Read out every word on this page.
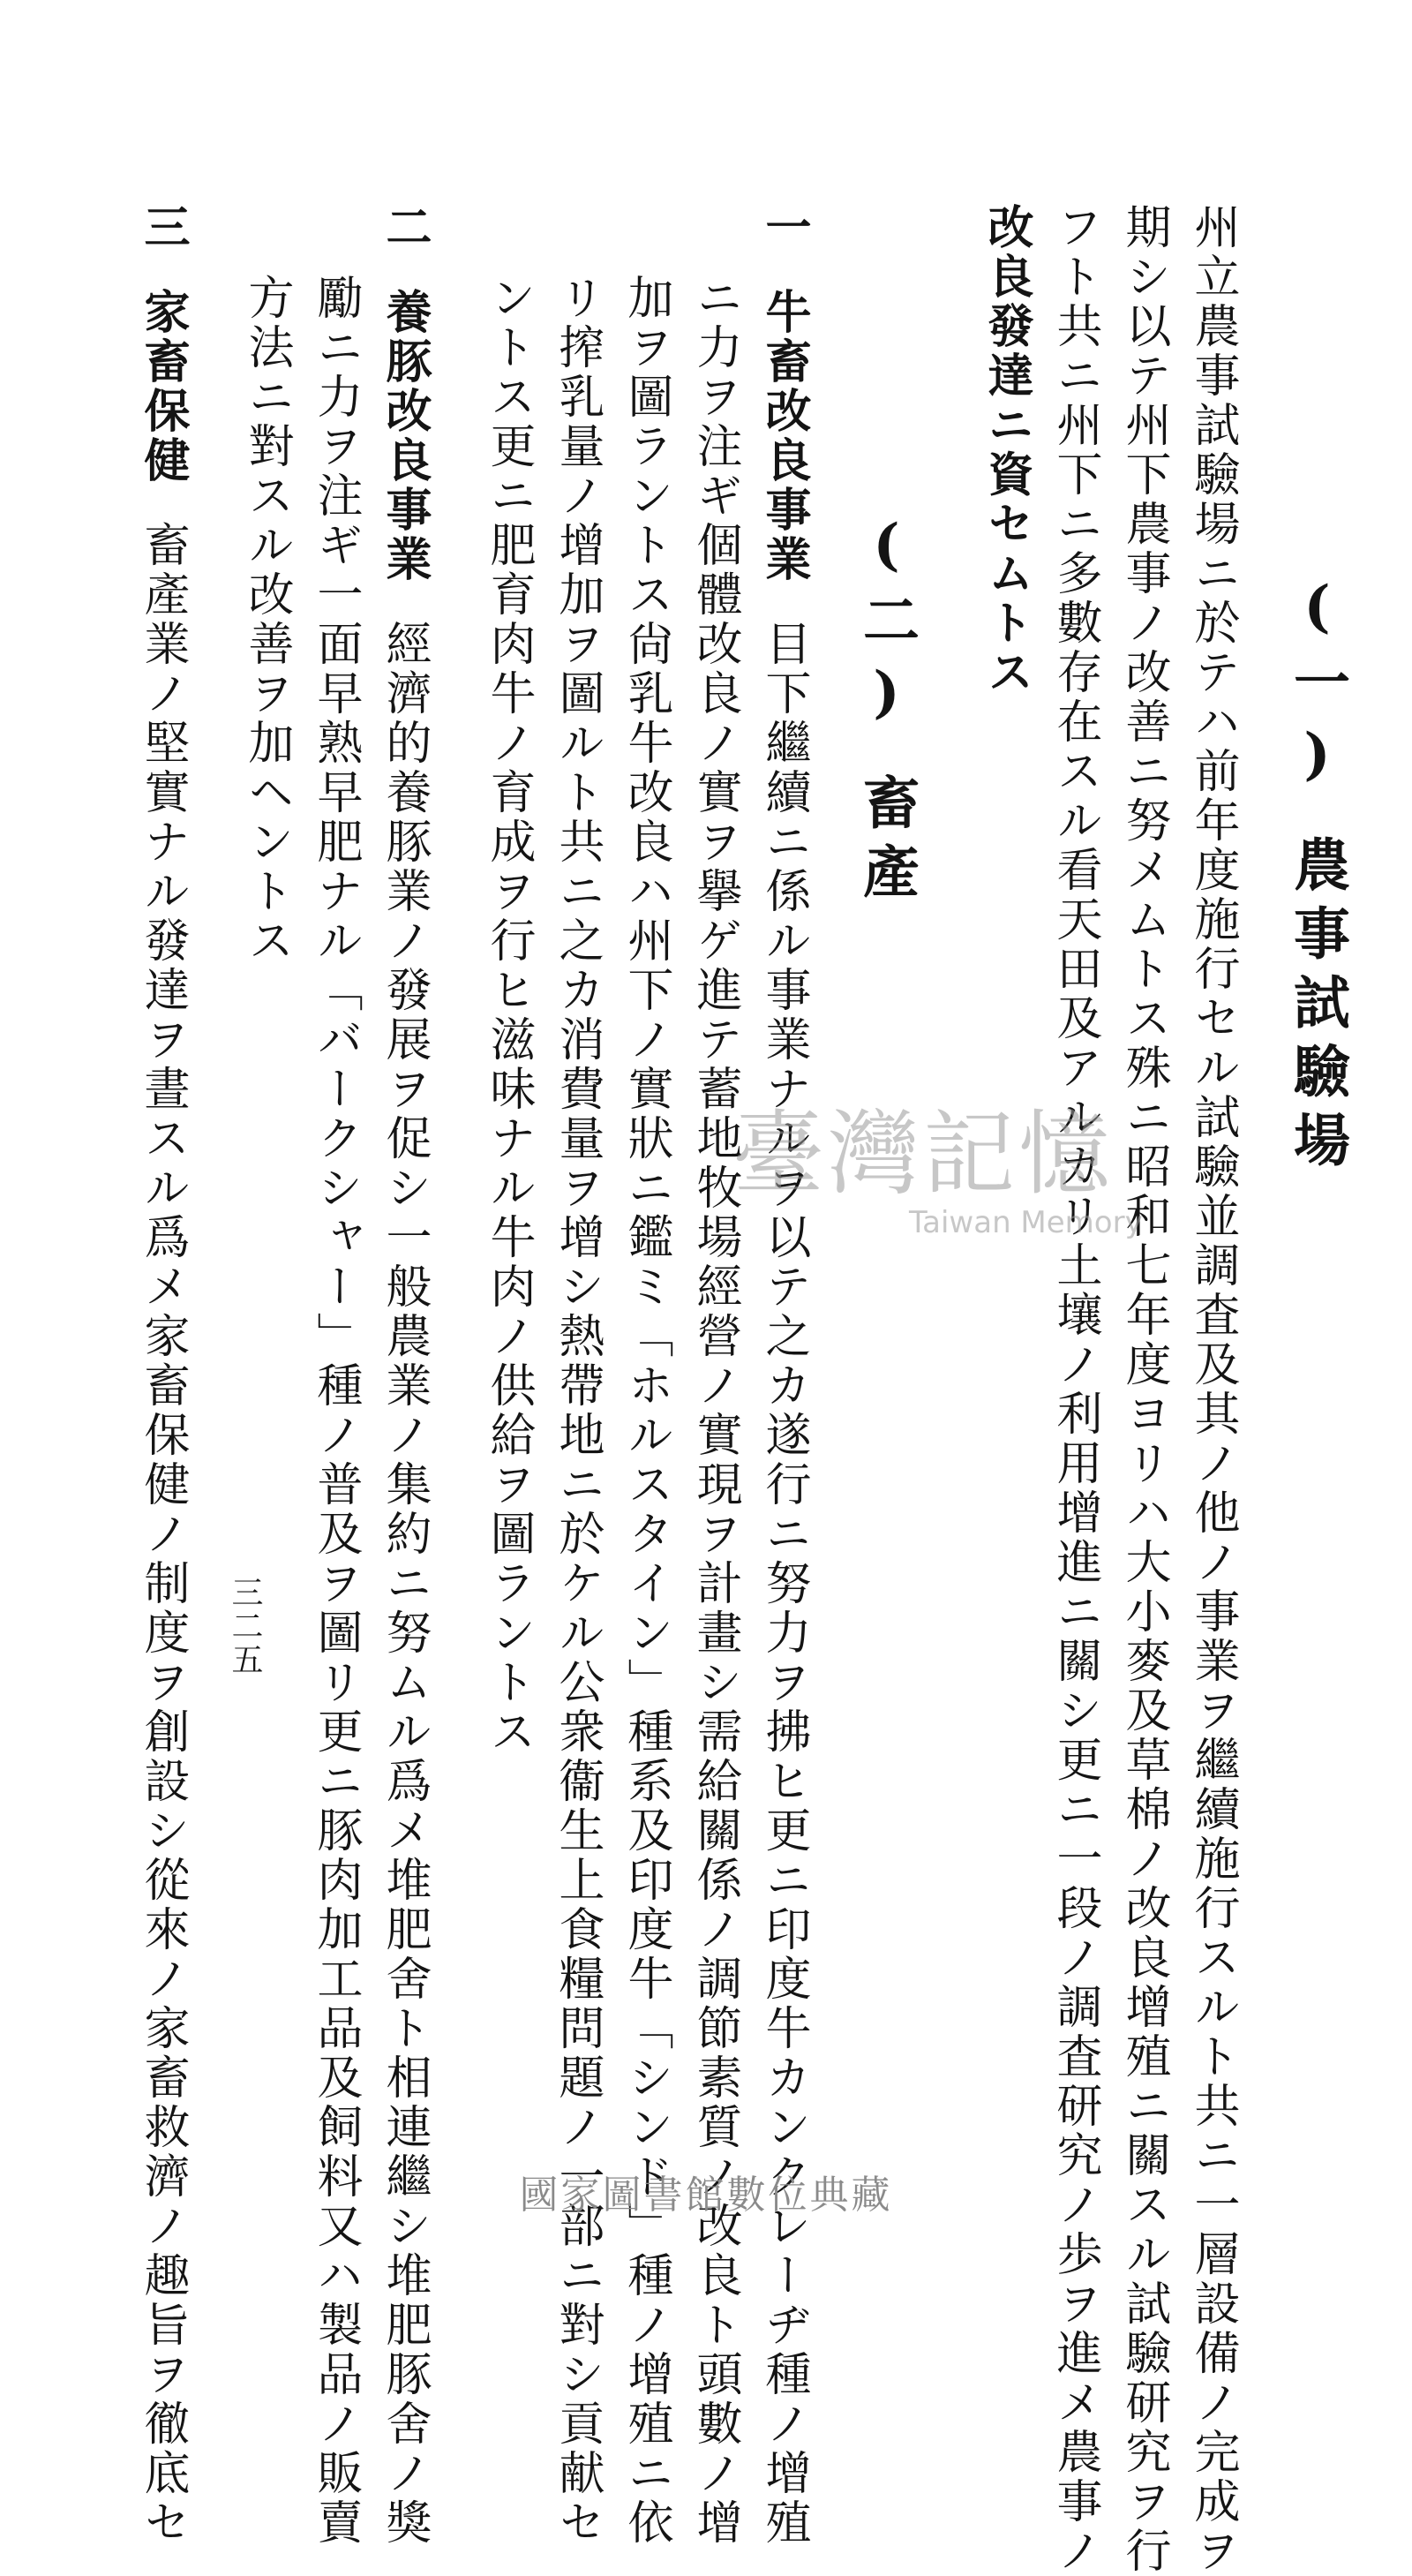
(一)農事試驗場
州立農事試驗場ニ於テハ前年度施行セル試驗並調査及其ノ他ノ事業ヲ繼續施行スルト共ニ一層設備ノ完成ヲ
期シ以テ州下農事ノ改善ニ努メムトス殊ニ昭和七年度ヨリハ大小麥及草棉ノ改良增殖ニ關スル試驗研究ヲ行
フト共ニ州下ニ多數存在スル看天田及アルカリ土壤ノ利用增進ニ關シ更ニ一段ノ調査研究ノ歩ヲ進メ農事ノ
改良發達ニ資セムトス
(二)畜產
一牛畜改良事業目下繼續ニ係ル事業ナルヲ以テ之カ遂行ニ努力ヲ拂ヒ更ニ印度牛カンクレーヂ種ノ增殖
ニ力ヲ注ギ個體改良ノ實ヲ擧ゲ進テ蓄地牧場經營ノ實現ヲ計畫シ需給關係ノ調節素質ノ改良ト頭數ノ增
加ヲ圖ラントス尙乳牛改良ハ州下ノ實狀ニ鑑ミ「ホルスタイン」種系及印度牛「シンド」種ノ增殖ニ依
リ搾乳量ノ增加ヲ圖ルト共ニ之カ消費量ヲ增シ熱帶地ニ於ケル公衆衞生上食糧問題ノ一部ニ對シ貢献セ
ントス更ニ肥育肉牛ノ育成ヲ行ヒ滋味ナル牛肉ノ供給ヲ圖ラントス
二養豚改良事業經濟的養豚業ノ發展ヲ促シ一般農業ノ集約ニ努ムル爲メ堆肥舍ト相連繼シ堆肥豚舍ノ獎
勵ニ力ヲ注ギ一面早熟早肥ナル「バークシャー」種ノ普及ヲ圖リ更ニ豚肉加工品及飼料又ハ製品ノ販賣
方法ニ對スル改善ヲ加ヘントス
三家畜保健畜產業ノ堅實ナル發達ヲ晝スル爲メ家畜保健ノ制度ヲ創設シ從來ノ家畜救濟ノ趣旨ヲ徹底セ 三二五
臺灣記憶
Taiwan Memory
國家圖書館數位典藏
